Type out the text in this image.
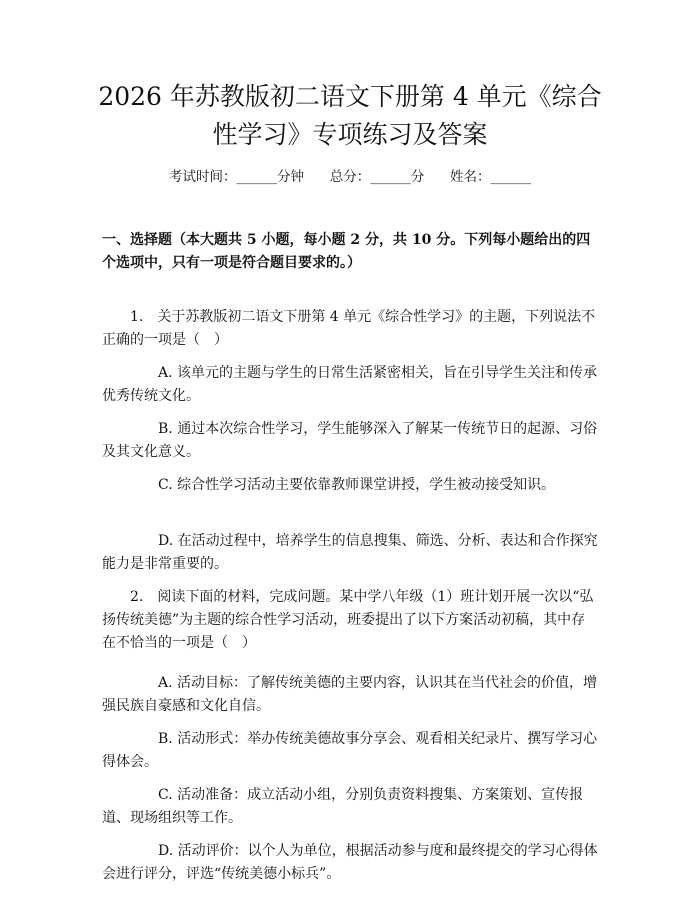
2026 年苏教版初二语文下册第 4 单元《综合
性学习》专项练习及答案
考试时间：______分钟      总分：______分      姓名：______

一、选择题（本大题共 5 小题，每小题 2 分，共 10 分。下列每小题给出的四个选项中，只有一项是符合题目要求的。）

1.　关于苏教版初二语文下册第 4 单元《综合性学习》的主题，下列说法不正确的一项是（　）

A. 该单元的主题与学生的日常生活紧密相关，旨在引导学生关注和传承优秀传统文化。

B. 通过本次综合性学习，学生能够深入了解某一传统节日的起源、习俗及其文化意义。

C. 综合性学习活动主要依靠教师课堂讲授，学生被动接受知识。

D. 在活动过程中，培养学生的信息搜集、筛选、分析、表达和合作探究能力是非常重要的。

2.　阅读下面的材料，完成问题。某中学八年级（1）班计划开展一次以“弘扬传统美德”为主题的综合性学习活动，班委提出了以下方案活动初稿，其中存在不恰当的一项是（　）

A. 活动目标：了解传统美德的主要内容，认识其在当代社会的价值，增强民族自豪感和文化自信。

B. 活动形式：举办传统美德故事分享会、观看相关纪录片、撰写学习心得体会。

C. 活动准备：成立活动小组，分别负责资料搜集、方案策划、宣传报道、现场组织等工作。

D. 活动评价：以个人为单位，根据活动参与度和最终提交的学习心得体会进行评分，评选“传统美德小标兵”。
